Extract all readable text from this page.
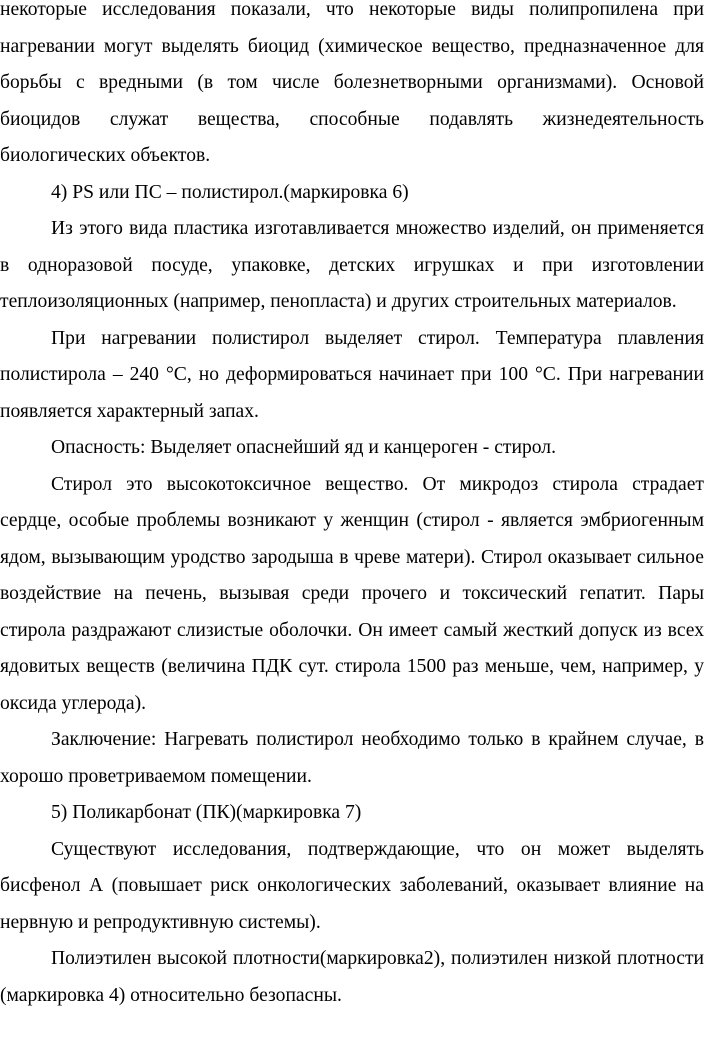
некоторые исследования показали, что некоторые виды полипропилена при нагревании могут выделять биоцид (химическое вещество, предназначенное для борьбы с вредными (в том числе болезнетворными организмами). Основой биоцидов служат вещества, способные подавлять жизнедеятельность биологических объектов.

4) PS или ПС – полистирол.(маркировка 6)

Из этого вида пластика изготавливается множество изделий, он применяется в одноразовой посуде, упаковке, детских игрушках и при изготовлении теплоизоляционных (например, пенопласта) и других строительных материалов.

При нагревании полистирол выделяет стирол. Температура плавления полистирола – 240 °С, но деформироваться начинает при 100 °С. При нагревании появляется характерный запах.

Опасность: Выделяет опаснейший яд и канцероген - стирол.

Стирол это высокотоксичное вещество. От микродоз стирола страдает сердце, особые проблемы возникают у женщин (стирол - является эмбриогенным ядом, вызывающим уродство зародыша в чреве матери). Стирол оказывает сильное воздействие на печень, вызывая среди прочего и токсический гепатит. Пары стирола раздражают слизистые оболочки. Он имеет самый жесткий допуск из всех ядовитых веществ (величина ПДК сут. стирола 1500 раз меньше, чем, например, у оксида углерода).

Заключение: Нагревать полистирол необходимо только в крайнем случае, в хорошо проветриваемом помещении.

5) Поликарбонат (ПК)(маркировка 7)

Существуют исследования, подтверждающие, что он может выделять бисфенол А (повышает риск онкологических заболеваний, оказывает влияние на нервную и репродуктивную системы).

Полиэтилен высокой плотности(маркировка2), полиэтилен низкой плотности (маркировка 4) относительно безопасны.
